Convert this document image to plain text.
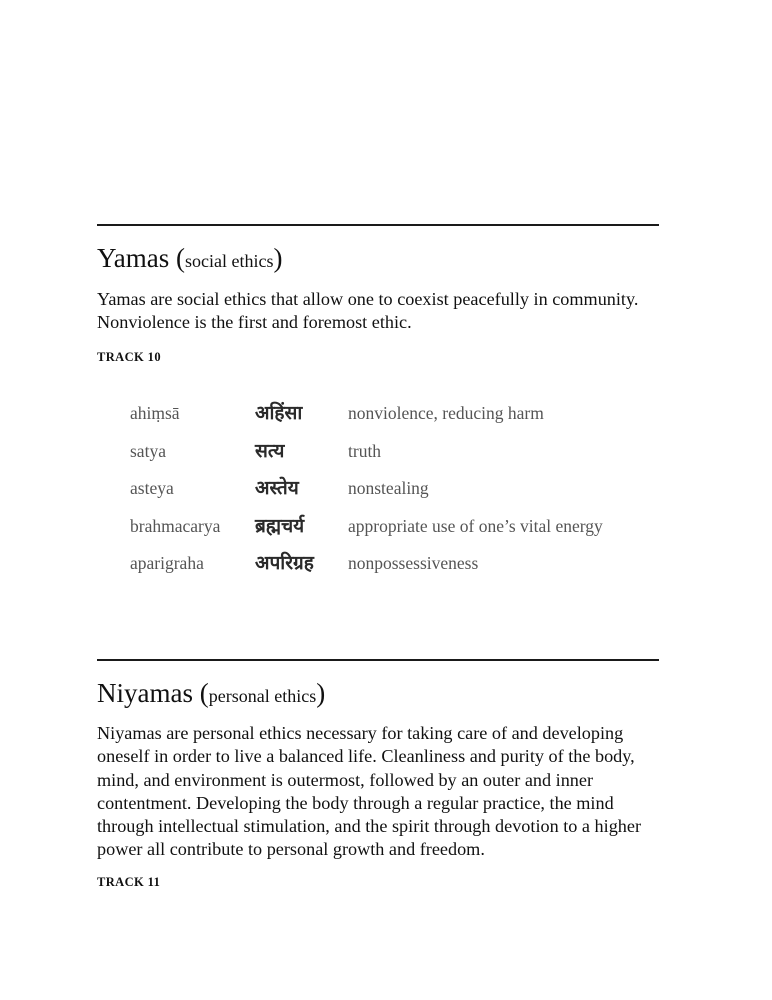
Yamas (social ethics)

Yamas are social ethics that allow one to coexist peacefully in community. Nonviolence is the first and foremost ethic.

TRACK 10

ahiṃsā	अहिंसा	nonviolence, reducing harm
satya	सत्य	truth
asteya	अस्तेय	nonstealing
brahmacarya ब्रह्मचर्य	appropriate use of one’s vital energy
aparigraha	अपरिग्रह nonpossessiveness
Niyamas (personal ethics)

Niyamas are personal ethics necessary for taking care of and developing oneself in order to live a balanced life. Cleanliness and purity of the body, mind, and environment is outermost, followed by an outer and inner contentment. Developing the body through a regular practice, the mind through intellectual stimulation, and the spirit through devotion to a higher power all contribute to personal growth and freedom.

TRACK 11
